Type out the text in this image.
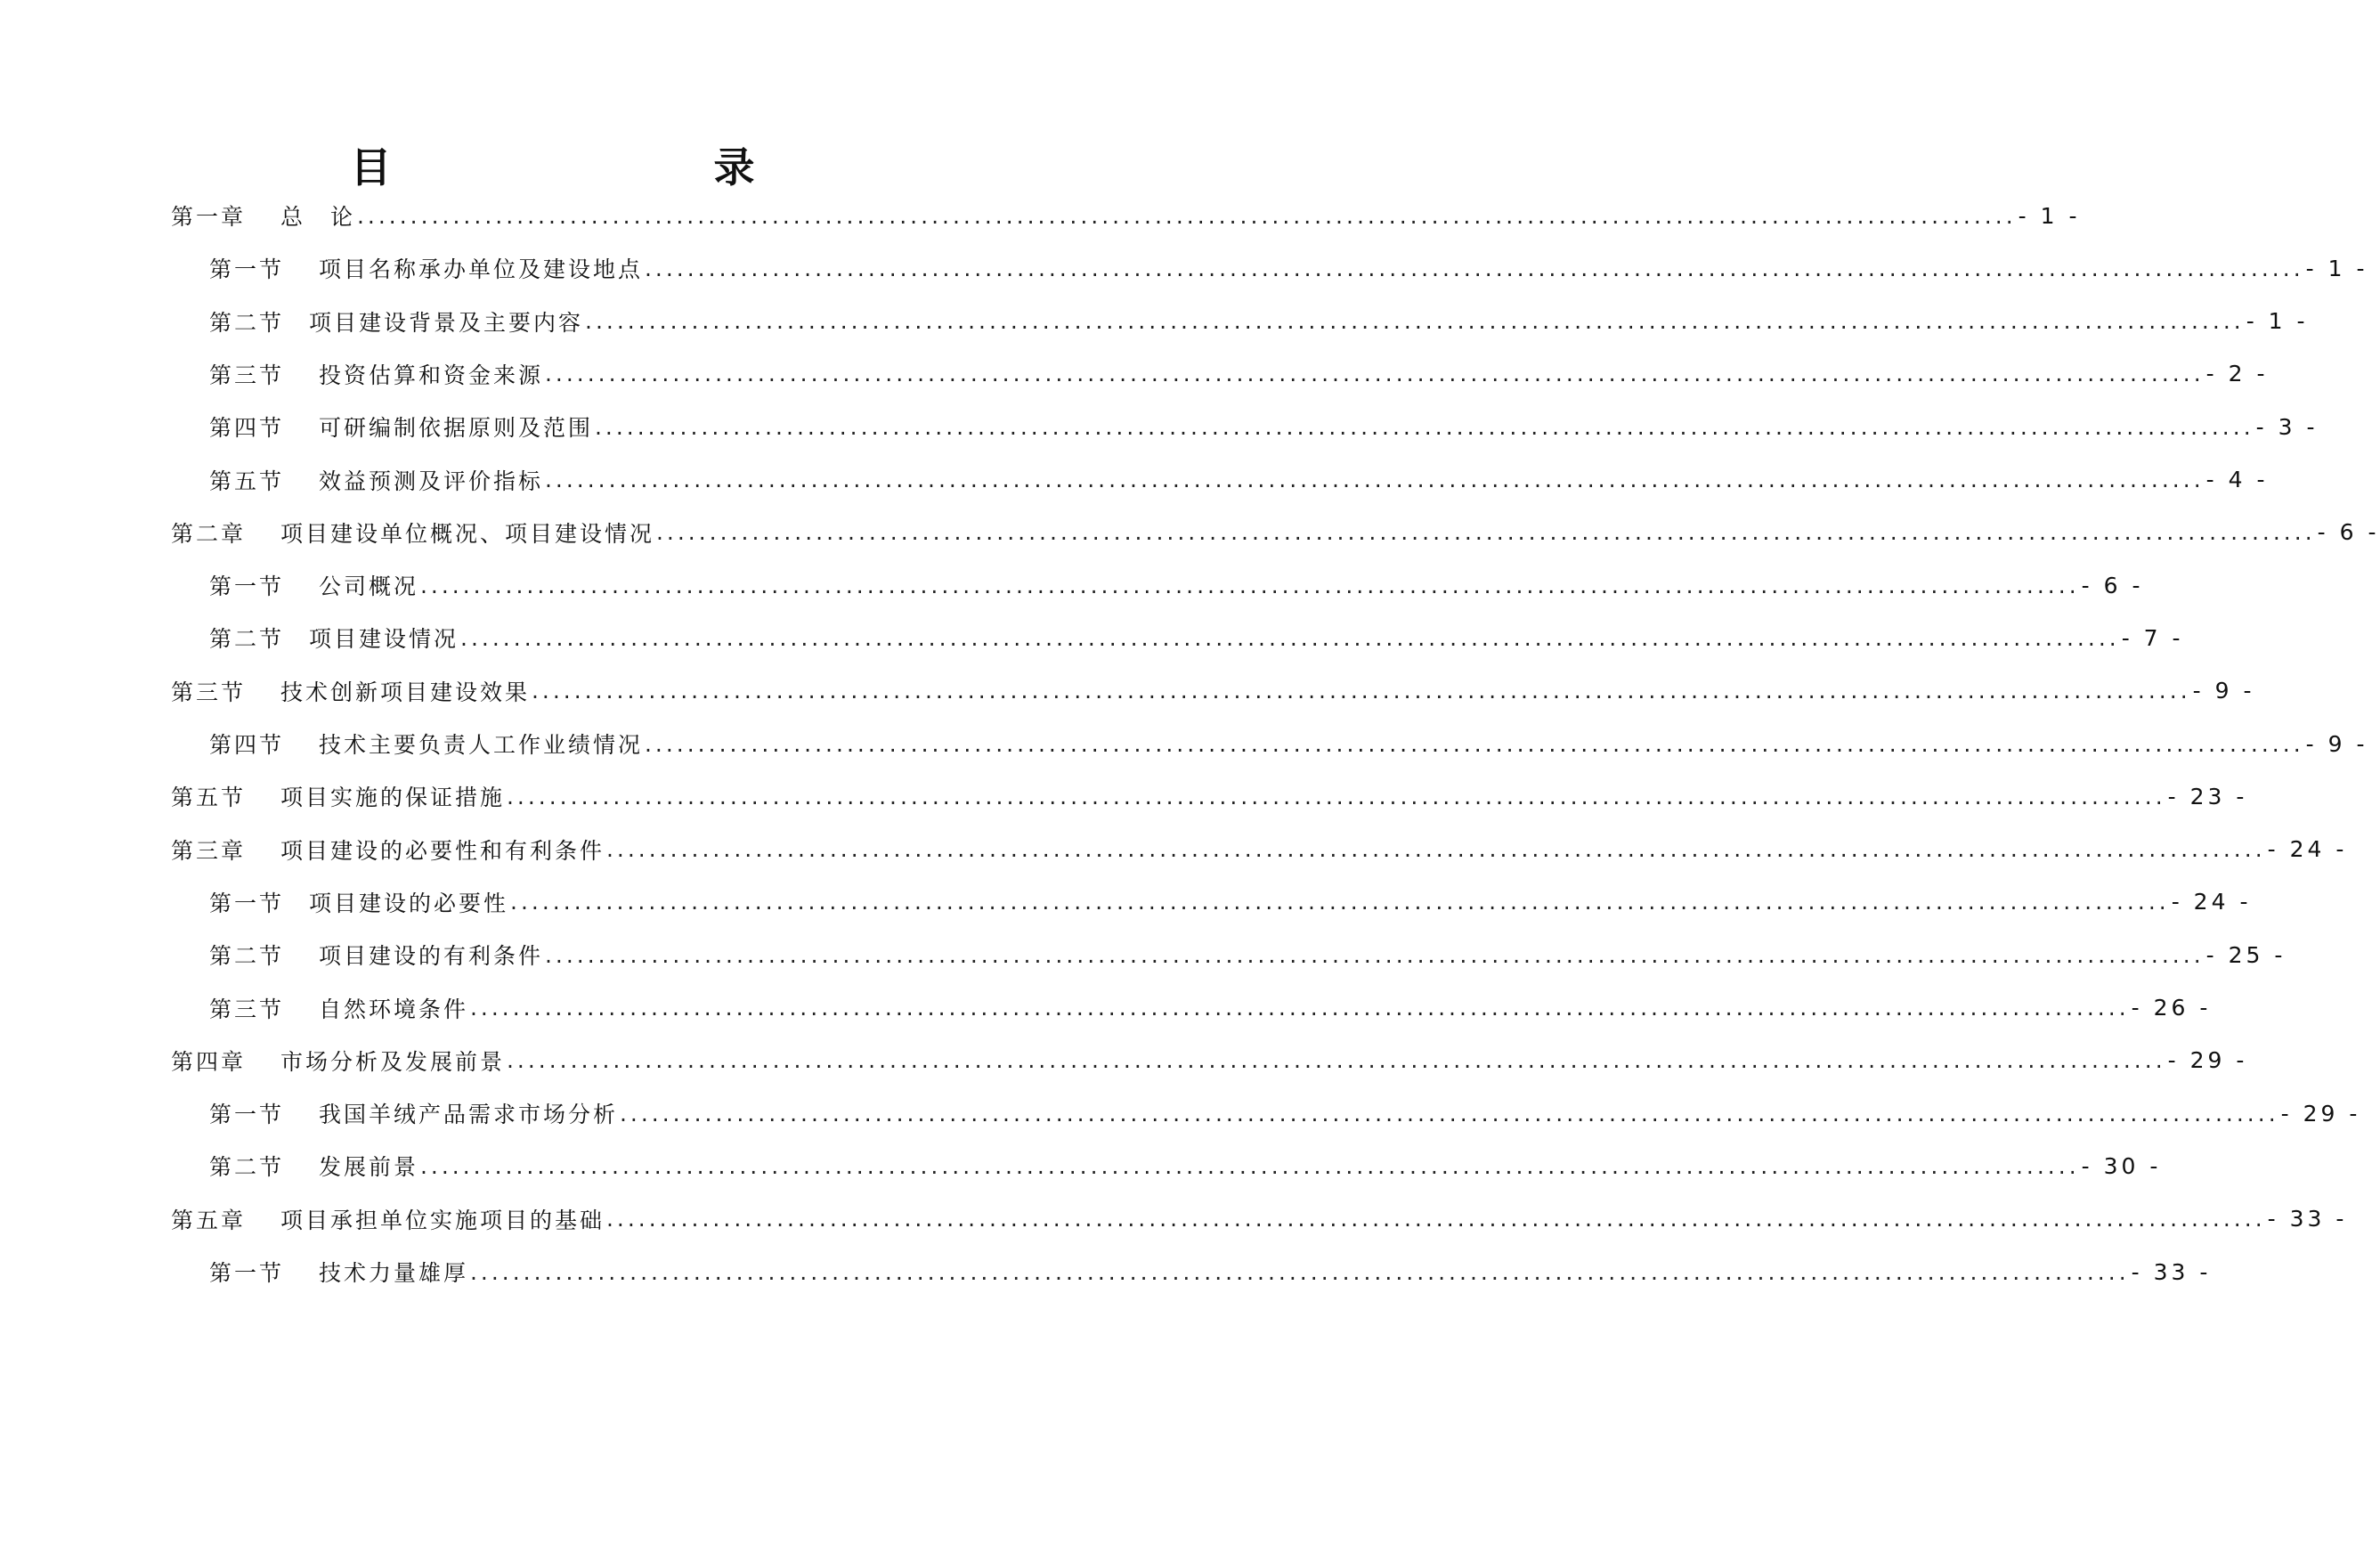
目　　录
第一章　 总　论 ............................................................................................................................................................ - 1 -
第一节　 项目名称承办单位及建设地点 ............................................................................................................................................................ - 1 -
第二节　项目建设背景及主要内容 ............................................................................................................................................................ - 1 -
第三节　 投资估算和资金来源 ............................................................................................................................................................ - 2 -
第四节　 可研编制依据原则及范围 ............................................................................................................................................................ - 3 -
第五节　 效益预测及评价指标 ............................................................................................................................................................ - 4 -
第二章　 项目建设单位概况、项目建设情况 ............................................................................................................................................................ - 6 -
第一节　 公司概况 ............................................................................................................................................................ - 6 -
第二节　项目建设情况 ............................................................................................................................................................ - 7 -
第三节　 技术创新项目建设效果 ............................................................................................................................................................ - 9 -
第四节　 技术主要负责人工作业绩情况 ............................................................................................................................................................ - 9 -
第五节　 项目实施的保证措施 ............................................................................................................................................................ - 23 -
第三章　 项目建设的必要性和有利条件 ............................................................................................................................................................ - 24 -
第一节　项目建设的必要性 ............................................................................................................................................................ - 24 -
第二节　 项目建设的有利条件 ............................................................................................................................................................ - 25 -
第三节　 自然环境条件 ............................................................................................................................................................ - 26 -
第四章　 市场分析及发展前景 ............................................................................................................................................................ - 29 -
第一节　 我国羊绒产品需求市场分析 ............................................................................................................................................................ - 29 -
第二节　 发展前景 ............................................................................................................................................................ - 30 -
第五章　 项目承担单位实施项目的基础 ............................................................................................................................................................ - 33 -
第一节　 技术力量雄厚 ............................................................................................................................................................ - 33 -
